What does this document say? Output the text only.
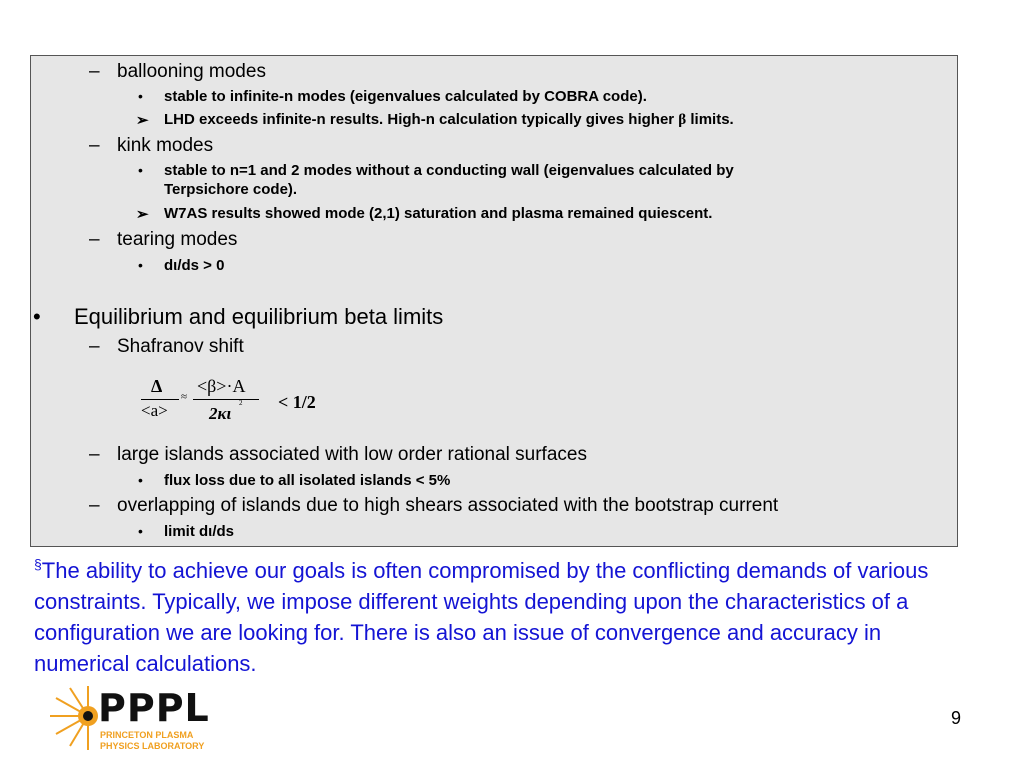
– ballooning modes
• stable to infinite-n modes (eigenvalues calculated by COBRA code).
➢ LHD exceeds infinite-n results. High-n calculation typically gives higher β limits.
– kink modes
• stable to n=1 and 2 modes without a conducting wall (eigenvalues calculated by
Terpsichore code).
➢ W7AS results showed mode (2,1) saturation and plasma remained quiescent.
– tearing modes
• dι/ds > 0
• Equilibrium and equilibrium beta limits
– Shafranov shift
Δ
<a>
≈
<β>·A
2
2κι
< 1/2
– large islands associated with low order rational surfaces
• flux loss due to all isolated islands < 5%
– overlapping of islands due to high shears associated with the bootstrap current
• limit dι/ds
§The ability to achieve our goals is often compromised by the conflicting demands of various constraints. Typically, we impose different weights depending upon the characteristics of a configuration we are looking for. There is also an issue of convergence and accuracy in numerical calculations.
PPPL
PRINCETON PLASMA
PHYSICS LABORATORY
9
